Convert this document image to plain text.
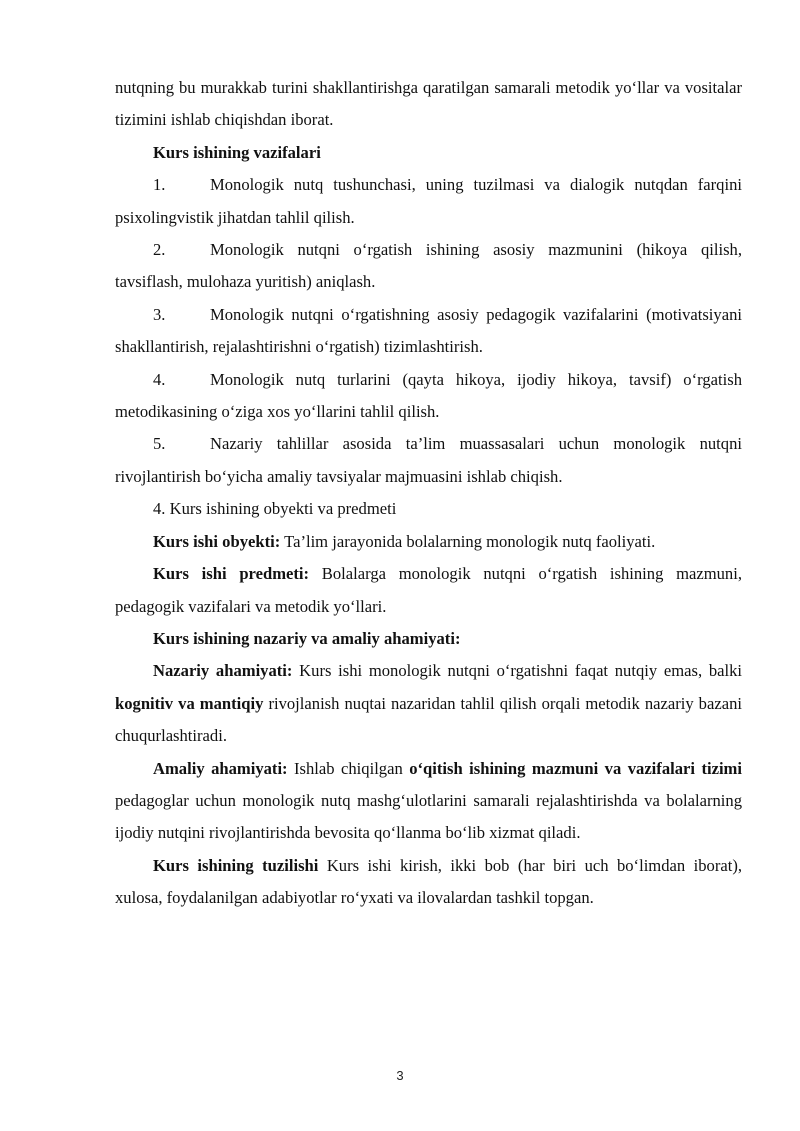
nutqning bu murakkab turini shakllantirishga qaratilgan samarali metodik yo‘llar va vositalar tizimini ishlab chiqishdan iborat.

Kurs ishining vazifalari

1.	Monologik nutq tushunchasi, uning tuzilmasi va dialogik nutqdan farqini psixolingvistik jihatdan tahlil qilish.

2.	Monologik nutqni o‘rgatish ishining asosiy mazmunini (hikoya qilish, tavsiflash, mulohaza yuritish) aniqlash.

3.	Monologik nutqni o‘rgatishning asosiy pedagogik vazifalarini (motivatsiyani shakllantirish, rejalashtirishni o‘rgatish) tizimlashtirish.

4.	Monologik nutq turlarini (qayta hikoya, ijodiy hikoya, tavsif) o‘rgatish metodikasining o‘ziga xos yo‘llarini tahlil qilish.

5.	Nazariy tahlillar asosida ta’lim muassasalari uchun monologik nutqni rivojlantirish bo‘yicha amaliy tavsiyalar majmuasini ishlab chiqish.

4. Kurs ishining obyekti va predmeti

Kurs ishi obyekti: Ta’lim jarayonida bolalarning monologik nutq faoliyati.

Kurs ishi predmeti: Bolalarga monologik nutqni o‘rgatish ishining mazmuni, pedagogik vazifalari va metodik yo‘llari.

Kurs ishining nazariy va amaliy ahamiyati:

Nazariy ahamiyati: Kurs ishi monologik nutqni o‘rgatishni faqat nutqiy emas, balki kognitiv va mantiqiy rivojlanish nuqtai nazaridan tahlil qilish orqali metodik nazariy bazani chuqurlashtiradi.

Amaliy ahamiyati: Ishlab chiqilgan o‘qitish ishining mazmuni va vazifalari tizimi pedagoglar uchun monologik nutq mashg‘ulotlarini samarali rejalashtirishda va bolalarning ijodiy nutqini rivojlantirishda bevosita qo‘llanma bo‘lib xizmat qiladi.

Kurs ishining tuzilishi Kurs ishi kirish, ikki bob (har biri uch bo‘limdan iborat), xulosa, foydalanilgan adabiyotlar ro‘yxati va ilovalardan tashkil topgan.

3
